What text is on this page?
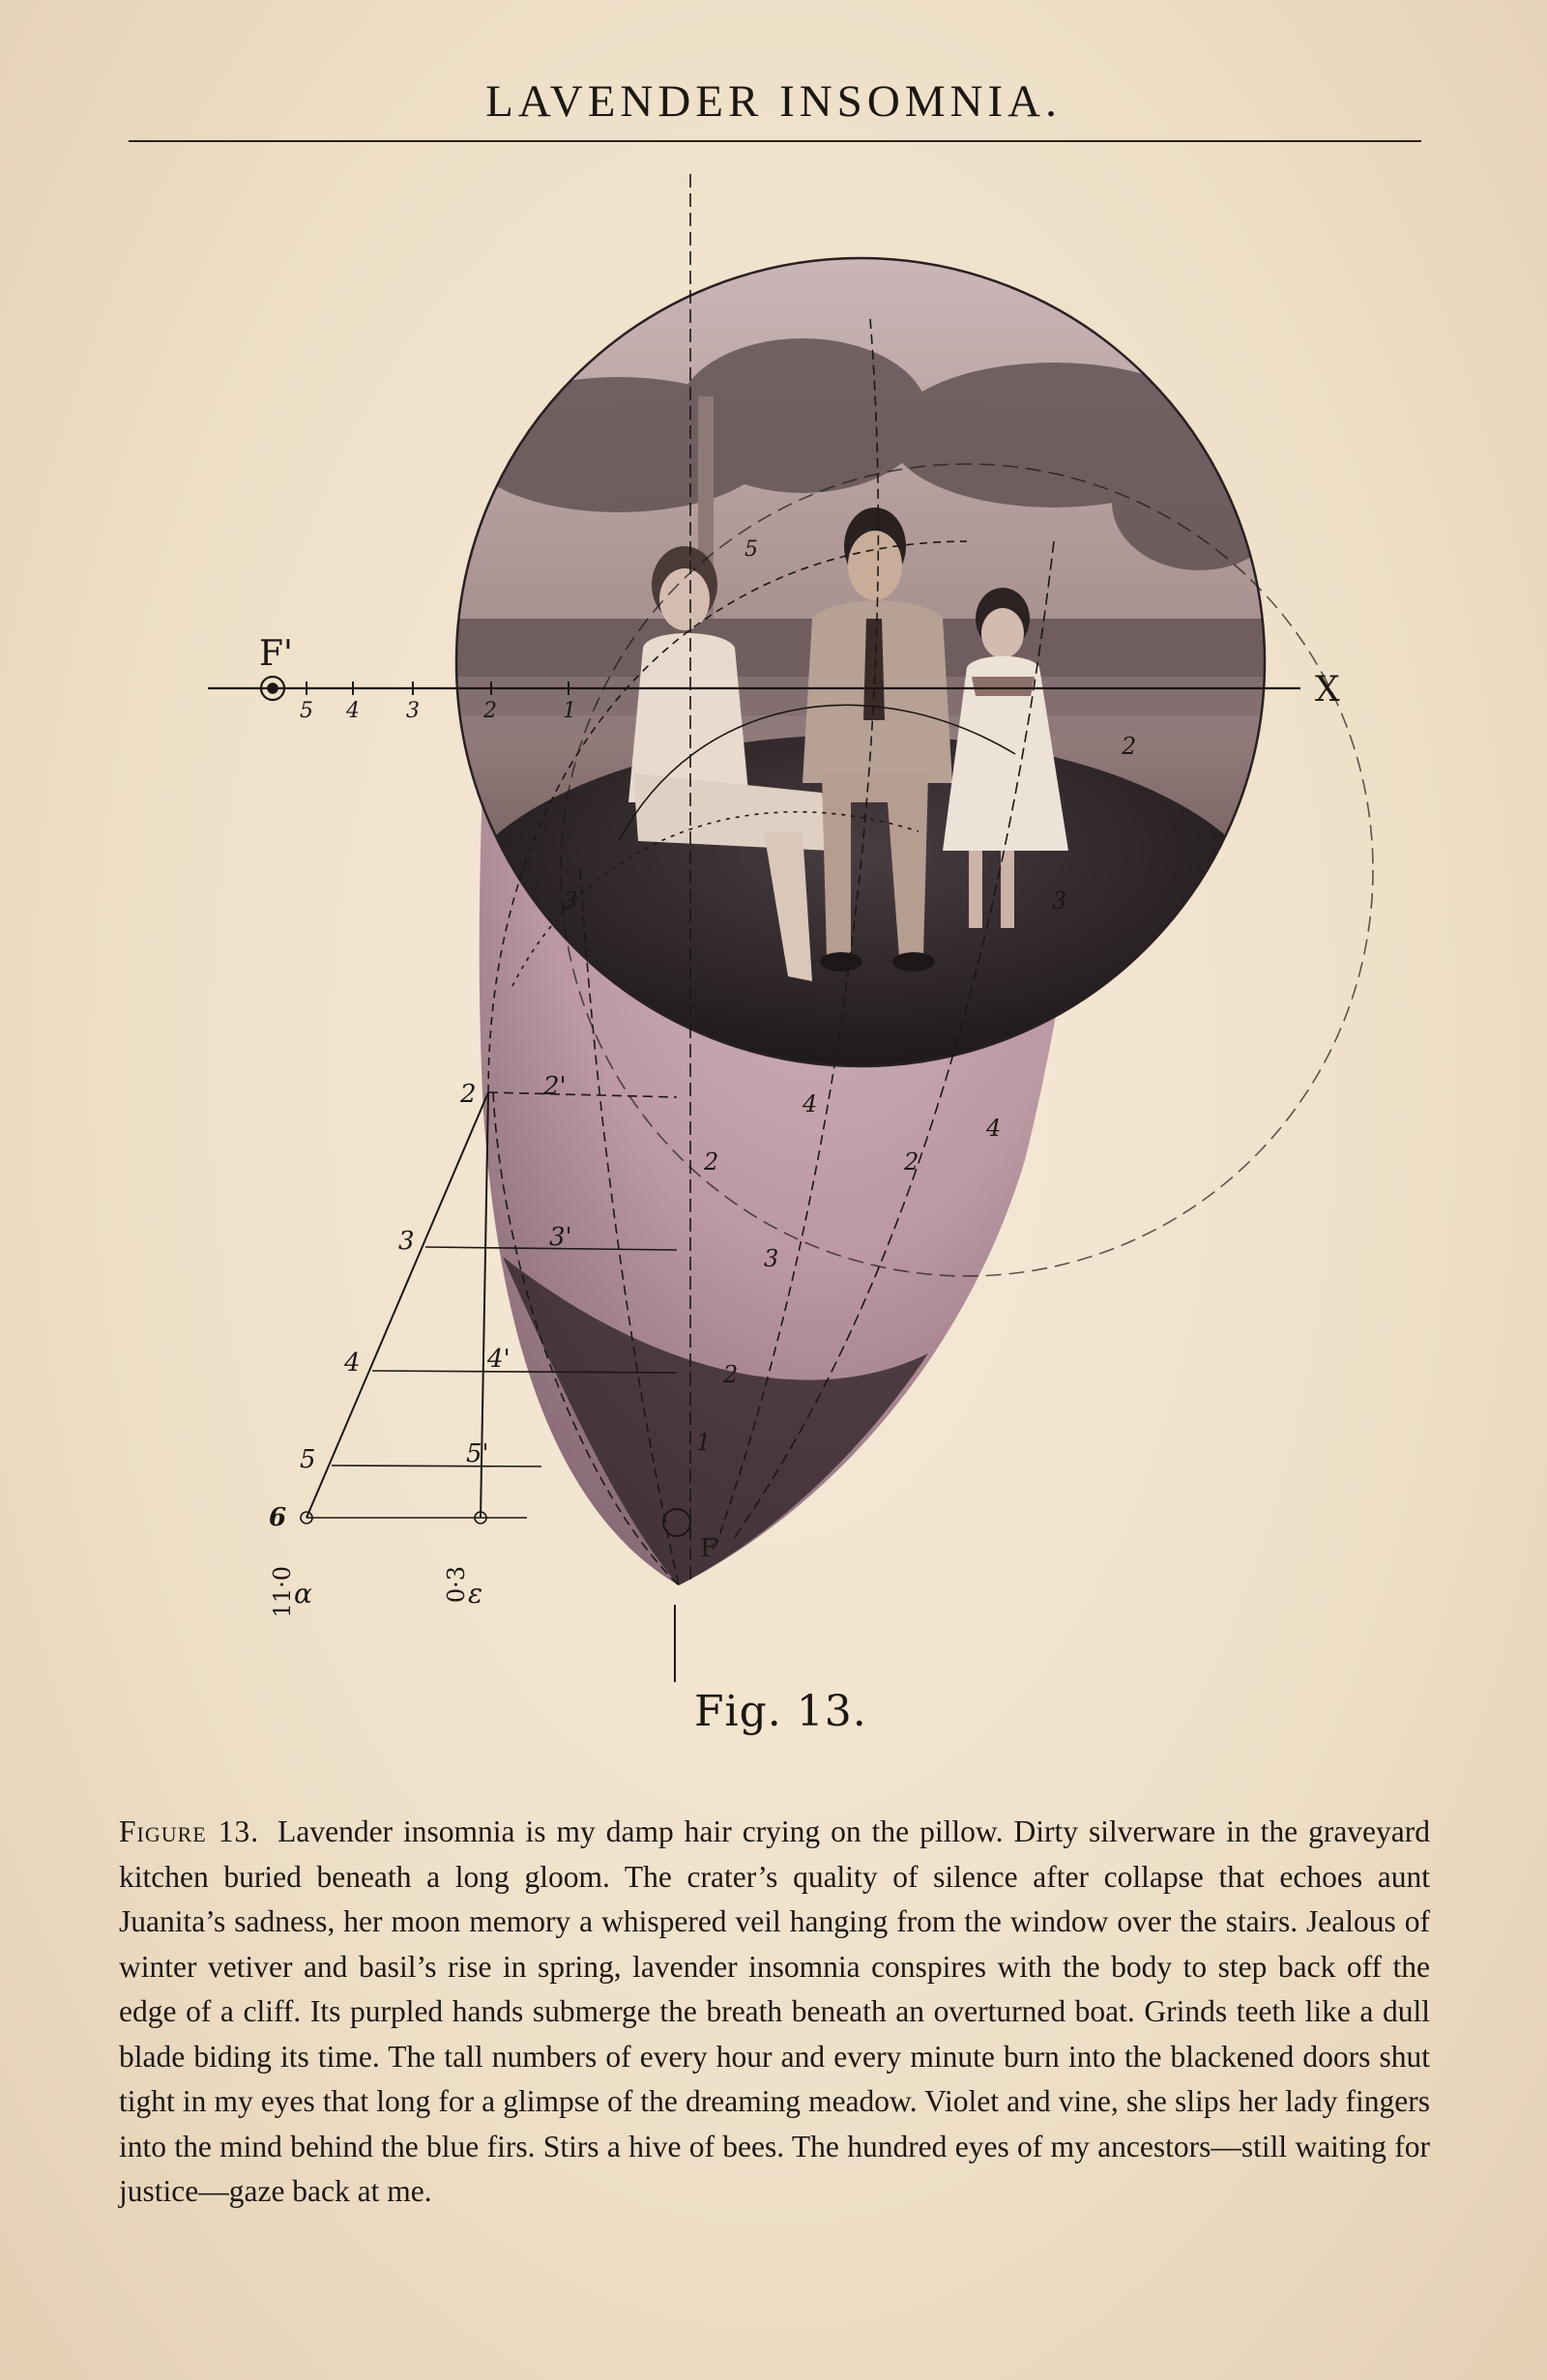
LAVENDER INSOMNIA.
F'
X
F
5 4 3	2	1
2
3
4
5
6
2'
3'
4'
5'
2
3
2
4
2
1
3
4
2
5
3
11·0	0·3
α	ε
Fig. 13.
Figure 13. Lavender insomnia is my damp hair crying on the pillow. Dirty silverware in the graveyard kitchen buried beneath a long gloom. The crater’s quality of silence after collapse that echoes aunt Juanita’s sadness, her moon memory a whispered veil hanging from the window over the stairs. Jealous of winter vetiver and basil’s rise in spring, lavender insomnia conspires with the body to step back off the edge of a cliff. Its purpled hands submerge the breath beneath an overturned boat. Grinds teeth like a dull blade biding its time. The tall numbers of every hour and every minute burn into the blackened doors shut tight in my eyes that long for a glimpse of the dreaming meadow. Violet and vine, she slips her lady fingers into the mind behind the blue firs. Stirs a hive of bees. The hundred eyes of my ancestors—still waiting for justice—gaze back at me.
